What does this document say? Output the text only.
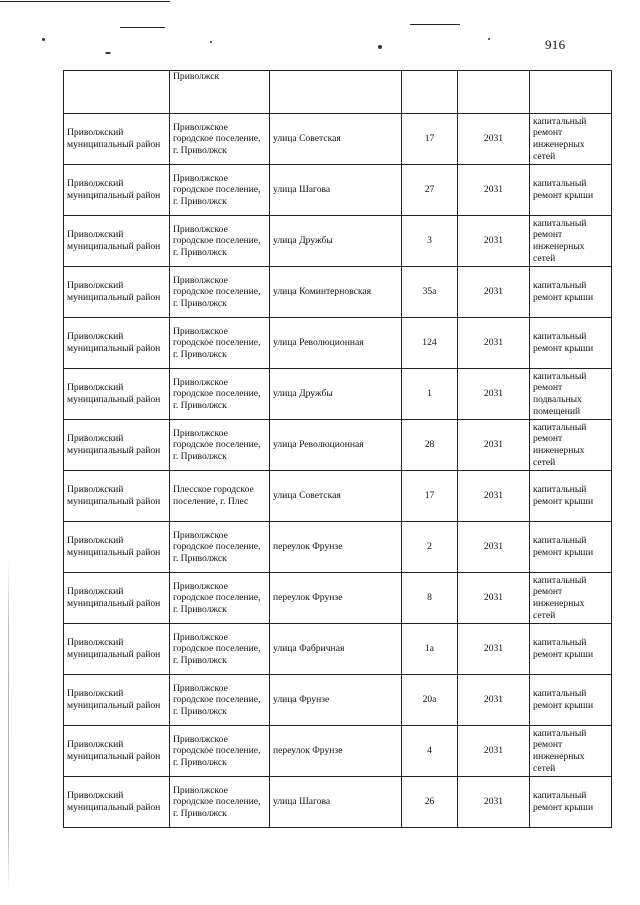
916
	Приволжск				
Приволжский муниципальный район	Приволжское городское поселение, г. Приволжск	улица Советская	17	2031	капитальный ремонт инженерных сетей
Приволжский муниципальный район	Приволжское городское поселение, г. Приволжск	улица Шагова	27	2031	капитальный ремонт крыши
Приволжский муниципальный район	Приволжское городское поселение, г. Приволжск	улица Дружбы	3	2031	капитальный ремонт инженерных сетей
Приволжский муниципальный район	Приволжское городское поселение, г. Приволжск	улица Коминтерновская	35а	2031	капитальный ремонт крыши
Приволжский муниципальный район	Приволжское городское поселение, г. Приволжск	улица Революционная	124	2031	капитальный ремонт крыши
Приволжский муниципальный район	Приволжское городское поселение, г. Приволжск	улица Дружбы	1	2031	капитальный ремонт подвальных помещений
Приволжский муниципальный район	Приволжское городское поселение, г. Приволжск	улица Революционная	28	2031	капитальный ремонт инженерных сетей
Приволжский муниципальный район	Плесское городское поселение, г. Плес	улица Советская	17	2031	капитальный ремонт крыши
Приволжский муниципальный район	Приволжское городское поселение, г. Приволжск	переулок Фрунзе	2	2031	капитальный ремонт крыши
Приволжский муниципальный район	Приволжское городское поселение, г. Приволжск	переулок Фрунзе	8	2031	капитальный ремонт инженерных сетей
Приволжский муниципальный район	Приволжское городское поселение, г. Приволжск	улица Фабричная	1а	2031	капитальный ремонт крыши
Приволжский муниципальный район	Приволжское городское поселение, г. Приволжск	улица Фрунзе	20а	2031	капитальный ремонт крыши
Приволжский муниципальный район	Приволжское городское поселение, г. Приволжск	переулок Фрунзе	4	2031	капитальный ремонт инженерных сетей
Приволжский муниципальный район	Приволжское городское поселение, г. Приволжск	улица Шагова	26	2031	капитальный ремонт крыши
